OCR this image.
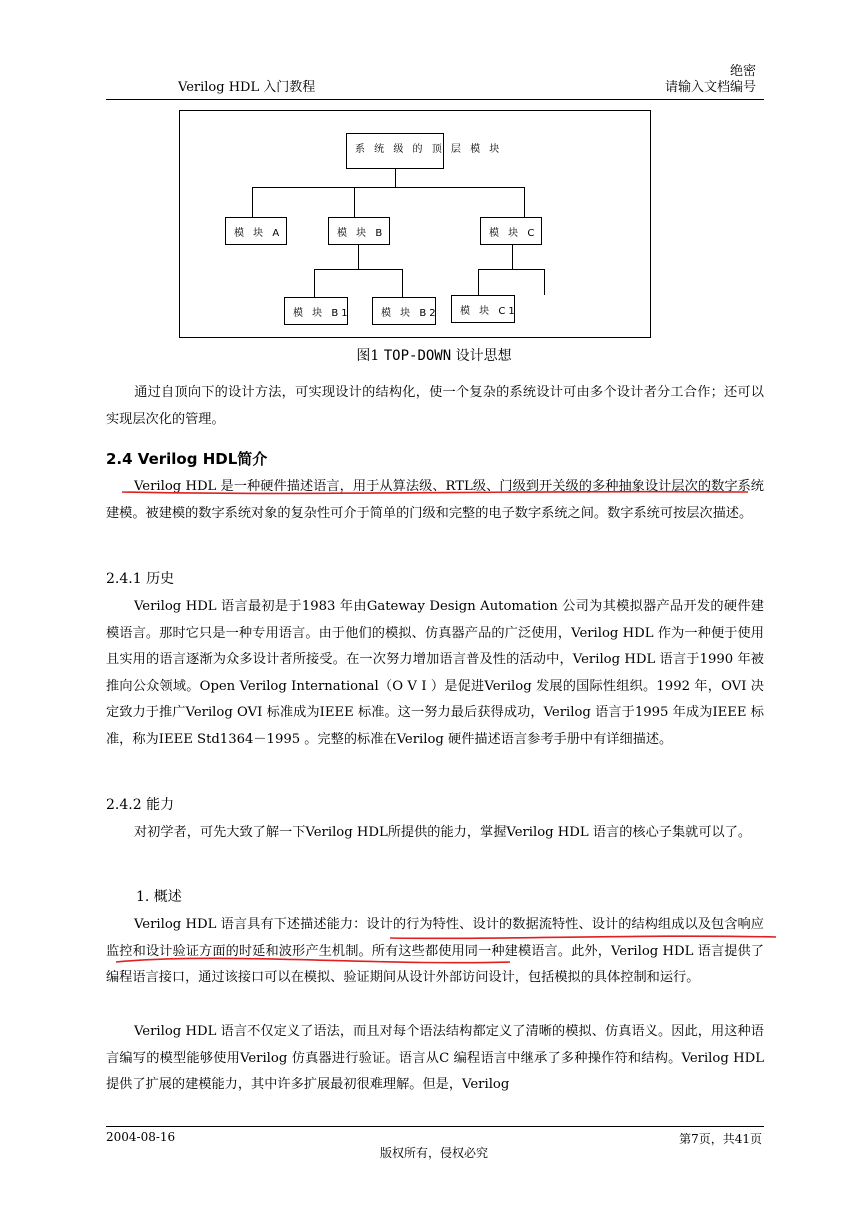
Verilog HDL 入门教程
绝密
请输入文档编号
系 统 级 的 顶 层 模 块
模 块 A	模 块 B	模 块 C
模 块 B1	模 块 B2	模 块 C1
图1 TOP-DOWN 设计思想
通过自顶向下的设计方法，可实现设计的结构化，使一个复杂的系统设计可由多个设计者分工合作；还可以实现层次化的管理。
2.4 Verilog HDL简介
Verilog HDL 是一种硬件描述语言，用于从算法级、RTL级、门级到开关级的多种抽象设计层次的数字系统建模。被建模的数字系统对象的复杂性可介于简单的门级和完整的电子数字系统之间。数字系统可按层次描述。
2.4.1 历史
Verilog HDL 语言最初是于1983 年由Gateway Design Automation 公司为其模拟器产品开发的硬件建模语言。那时它只是一种专用语言。由于他们的模拟、仿真器产品的广泛使用，Verilog HDL 作为一种便于使用且实用的语言逐渐为众多设计者所接受。在一次努力增加语言普及性的活动中，Verilog HDL 语言于1990 年被推向公众领域。Open Verilog International（O V I ）是促进Verilog 发展的国际性组织。1992 年，OVI 决定致力于推广Verilog OVI 标准成为IEEE 标准。这一努力最后获得成功，Verilog 语言于1995 年成为IEEE 标准，称为IEEE Std1364－1995 。完整的标准在Verilog 硬件描述语言参考手册中有详细描述。
2.4.2 能力
对初学者，可先大致了解一下Verilog HDL所提供的能力，掌握Verilog HDL 语言的核心子集就可以了。
1. 概述
Verilog HDL 语言具有下述描述能力：设计的行为特性、设计的数据流特性、设计的结构组成以及包含响应监控和设计验证方面的时延和波形产生机制。所有这些都使用同一种建模语言。此外，Verilog HDL 语言提供了编程语言接口，通过该接口可以在模拟、验证期间从设计外部访问设计，包括模拟的具体控制和运行。
Verilog HDL 语言不仅定义了语法，而且对每个语法结构都定义了清晰的模拟、仿真语义。因此，用这种语言编写的模型能够使用Verilog 仿真器进行验证。语言从C 编程语言中继承了多种操作符和结构。Verilog HDL 提供了扩展的建模能力，其中许多扩展最初很难理解。但是，Verilog
2004-08-16	第7页，共41页
版权所有，侵权必究
